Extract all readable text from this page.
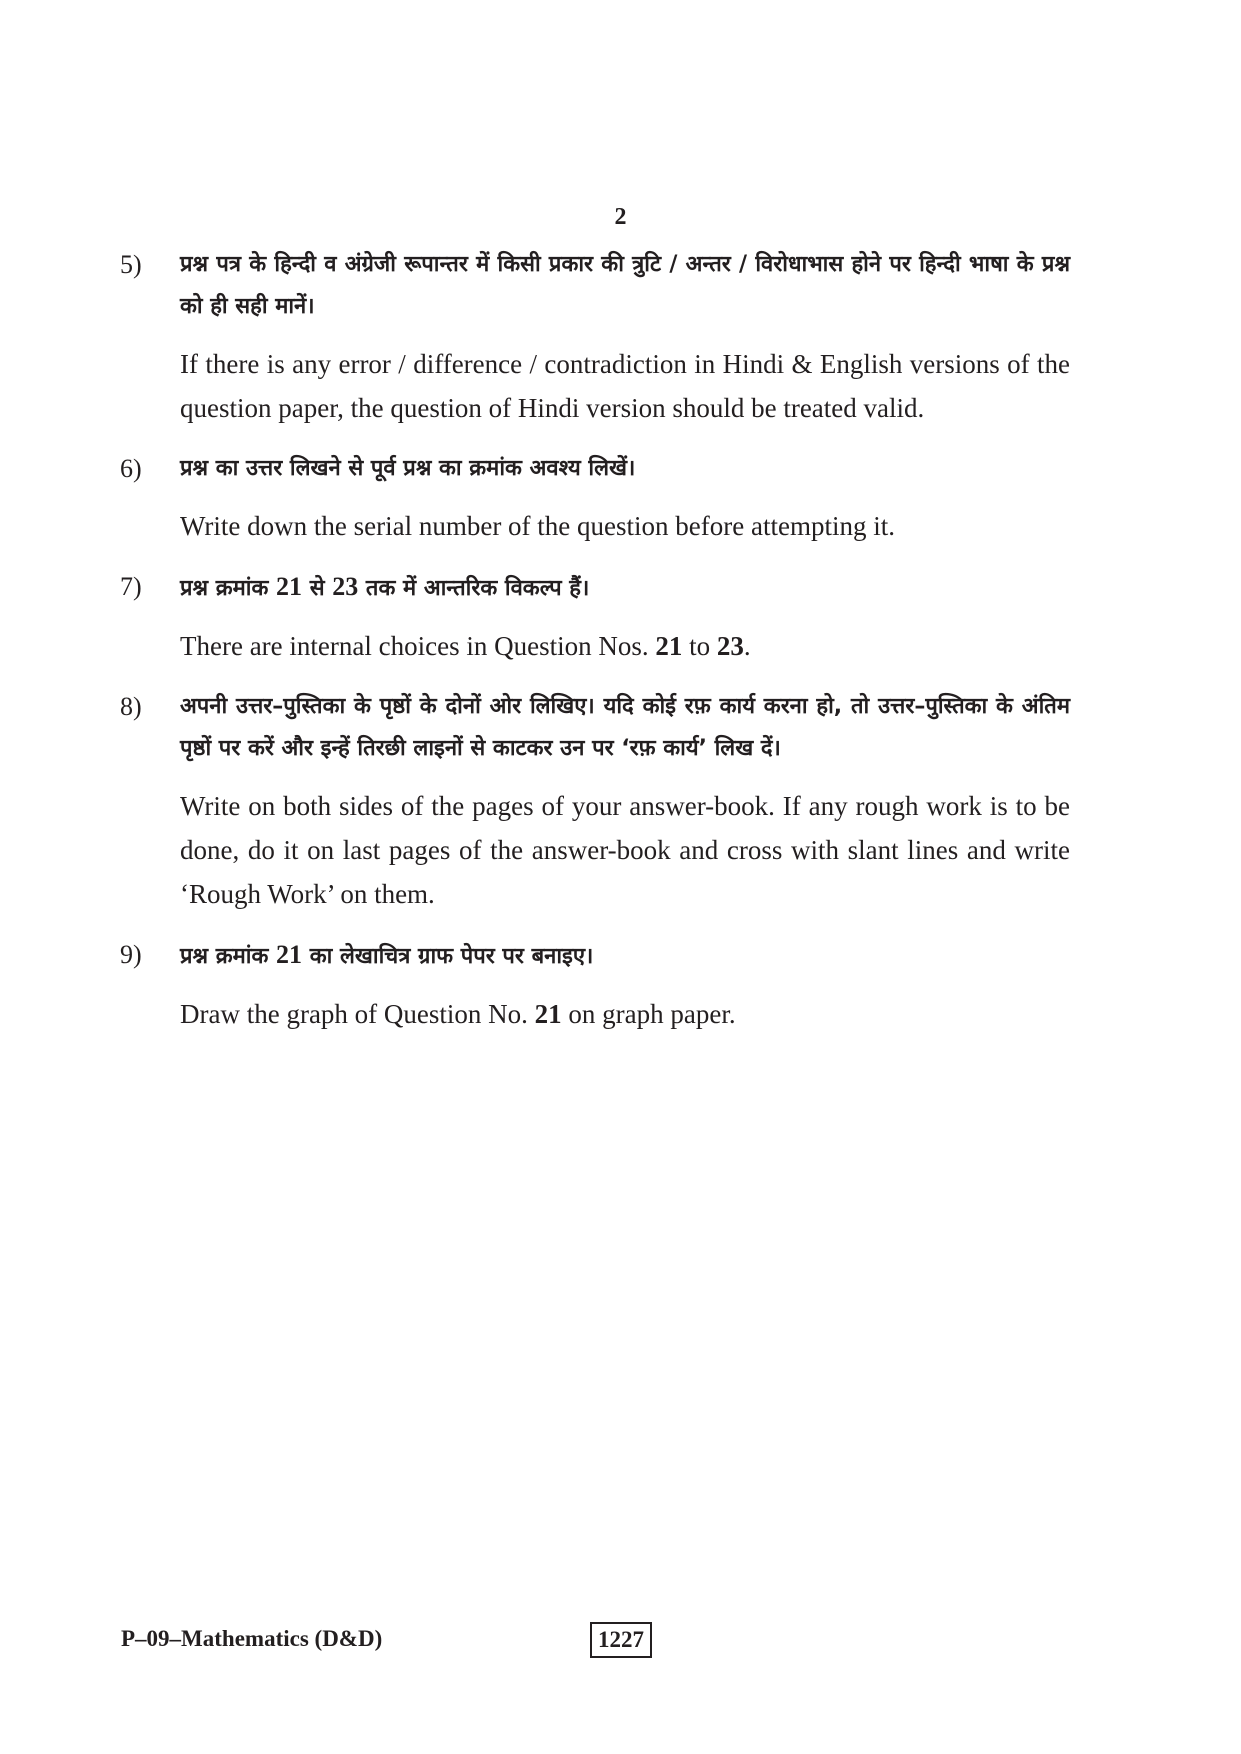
2
5) प्रश्न पत्र के हिन्दी व अंग्रेजी रूपान्तर में किसी प्रकार की त्रुटि / अन्तर / विरोधाभास होने पर हिन्दी भाषा के प्रश्न को ही सही मानें।

If there is any error / difference / contradiction in Hindi & English versions of the question paper, the question of Hindi version should be treated valid.

6) प्रश्न का उत्तर लिखने से पूर्व प्रश्न का क्रमांक अवश्य लिखें।

Write down the serial number of the question before attempting it.

7) प्रश्न क्रमांक 21 से 23 तक में आन्तरिक विकल्प हैं।

There are internal choices in Question Nos. 21 to 23.

8) अपनी उत्तर–पुस्तिका के पृष्ठों के दोनों ओर लिखिए। यदि कोई रफ़ कार्य करना हो, तो उत्तर–पुस्तिका के अंतिम पृष्ठों पर करें और इन्हें तिरछी लाइनों से काटकर उन पर ‘रफ़ कार्य’ लिख दें।

Write on both sides of the pages of your answer-book. If any rough work is to be done, do it on last pages of the answer-book and cross with slant lines and write ‘Rough Work’ on them.

9) प्रश्न क्रमांक 21 का लेखाचित्र ग्राफ पेपर पर बनाइए।

Draw the graph of Question No. 21 on graph paper.

P–09–Mathematics (D&D)	1227
